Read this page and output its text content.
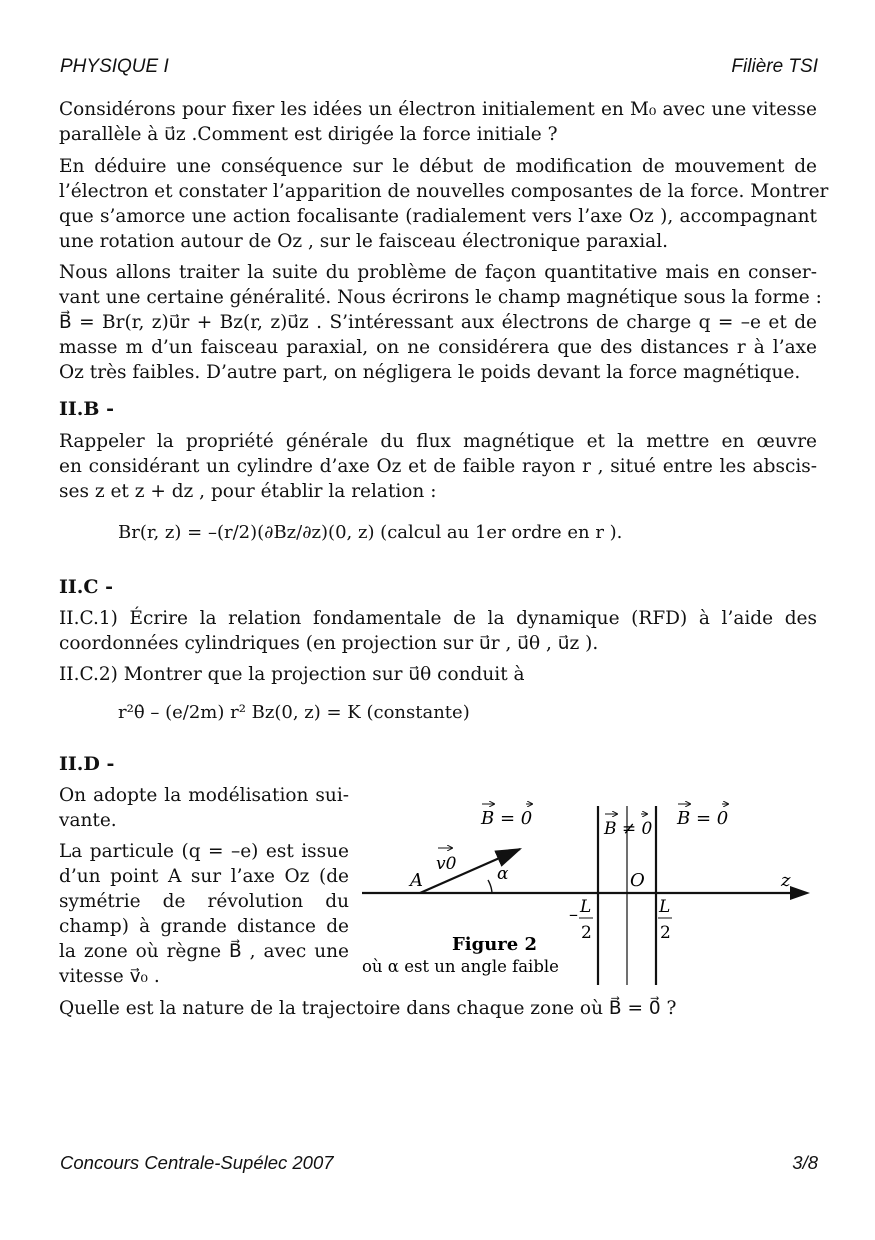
PHYSIQUE I	Filière TSI
Considérons pour fixer les idées un électron initialement en M₀ avec une vitesse
parallèle à u⃗z .Comment est dirigée la force initiale ?
En déduire une conséquence sur le début de modification de mouvement de
l’électron et constater l’apparition de nouvelles composantes de la force. Montrer
que s’amorce une action focalisante (radialement vers l’axe Oz ), accompagnant
une rotation autour de Oz , sur le faisceau électronique paraxial.
Nous allons traiter la suite du problème de façon quantitative mais en conser-
vant une certaine généralité. Nous écrirons le champ magnétique sous la forme :
B⃗ = Br(r, z)u⃗r + Bz(r, z)u⃗z . S’intéressant aux électrons de charge q = –e et de
masse m d’un faisceau paraxial, on ne considérera que des distances r à l’axe
Oz très faibles. D’autre part, on négligera le poids devant la force magnétique.
II.B -
Rappeler la propriété générale du flux magnétique et la mettre en œuvre
en considérant un cylindre d’axe Oz et de faible rayon r , situé entre les abscis-
ses z et z + dz , pour établir la relation :
Br(r, z) = –(r/2)(∂Bz/∂z)(0, z) (calcul au 1er ordre en r ).
II.C -
II.C.1) Écrire la relation fondamentale de la dynamique (RFD) à l’aide des
coordonnées cylindriques (en projection sur u⃗r , u⃗θ , u⃗z ).
II.C.2) Montrer que la projection sur u⃗θ conduit à
r²θ̇ – (e/2m) r² Bz(0, z) = K (constante)
II.D -
On adopte la modélisation sui-
vante.
La particule (q = –e) est issue
d’un point A sur l’axe Oz (de
symétrie de révolution du
champ) à grande distance de
la zone où règne B⃗ , avec une
vitesse v⃗₀ .
α
v0
A	O	z
B = 0	B ≠ 0 B = 0
– L
2
L
2
Figure 2
où α est un angle faible
Quelle est la nature de la trajectoire dans chaque zone où B⃗ = 0⃗ ?
Concours Centrale-Supélec 2007	3/8
